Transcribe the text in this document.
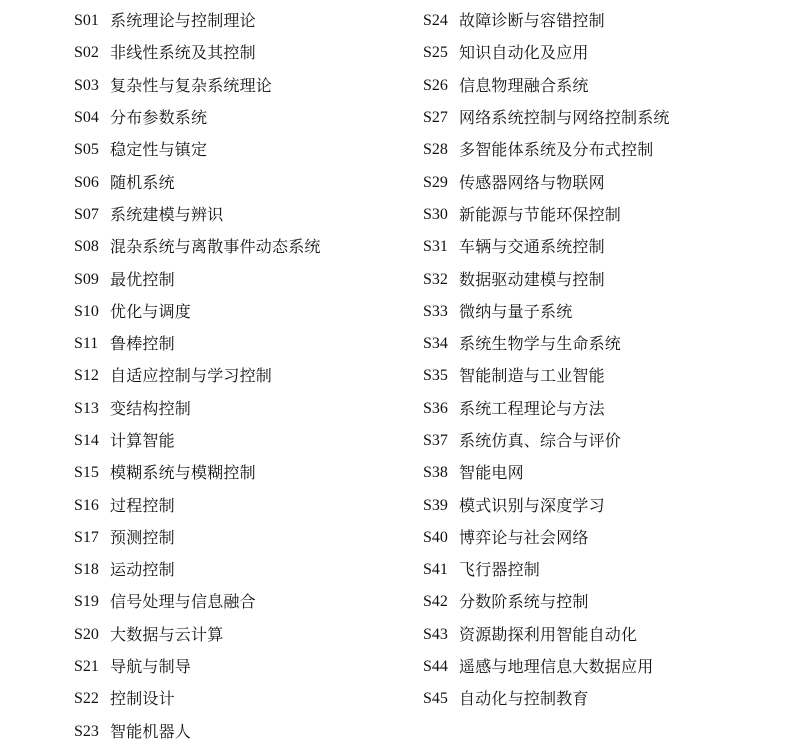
S01 系统理论与控制理论
S02 非线性系统及其控制
S03 复杂性与复杂系统理论
S04 分布参数系统
S05 稳定性与镇定
S06 随机系统
S07 系统建模与辨识
S08 混杂系统与离散事件动态系统
S09 最优控制
S10 优化与调度
S11 鲁棒控制
S12 自适应控制与学习控制
S13 变结构控制
S14 计算智能
S15 模糊系统与模糊控制
S16 过程控制
S17 预测控制
S18 运动控制
S19 信号处理与信息融合
S20 大数据与云计算
S21 导航与制导
S22 控制设计
S23 智能机器人
S24 故障诊断与容错控制
S25 知识自动化及应用
S26 信息物理融合系统
S27 网络系统控制与网络控制系统
S28 多智能体系统及分布式控制
S29 传感器网络与物联网
S30 新能源与节能环保控制
S31 车辆与交通系统控制
S32 数据驱动建模与控制
S33 微纳与量子系统
S34 系统生物学与生命系统
S35 智能制造与工业智能
S36 系统工程理论与方法
S37 系统仿真、综合与评价
S38 智能电网
S39 模式识别与深度学习
S40 博弈论与社会网络
S41 飞行器控制
S42 分数阶系统与控制
S43 资源勘探利用智能自动化
S44 遥感与地理信息大数据应用
S45 自动化与控制教育
